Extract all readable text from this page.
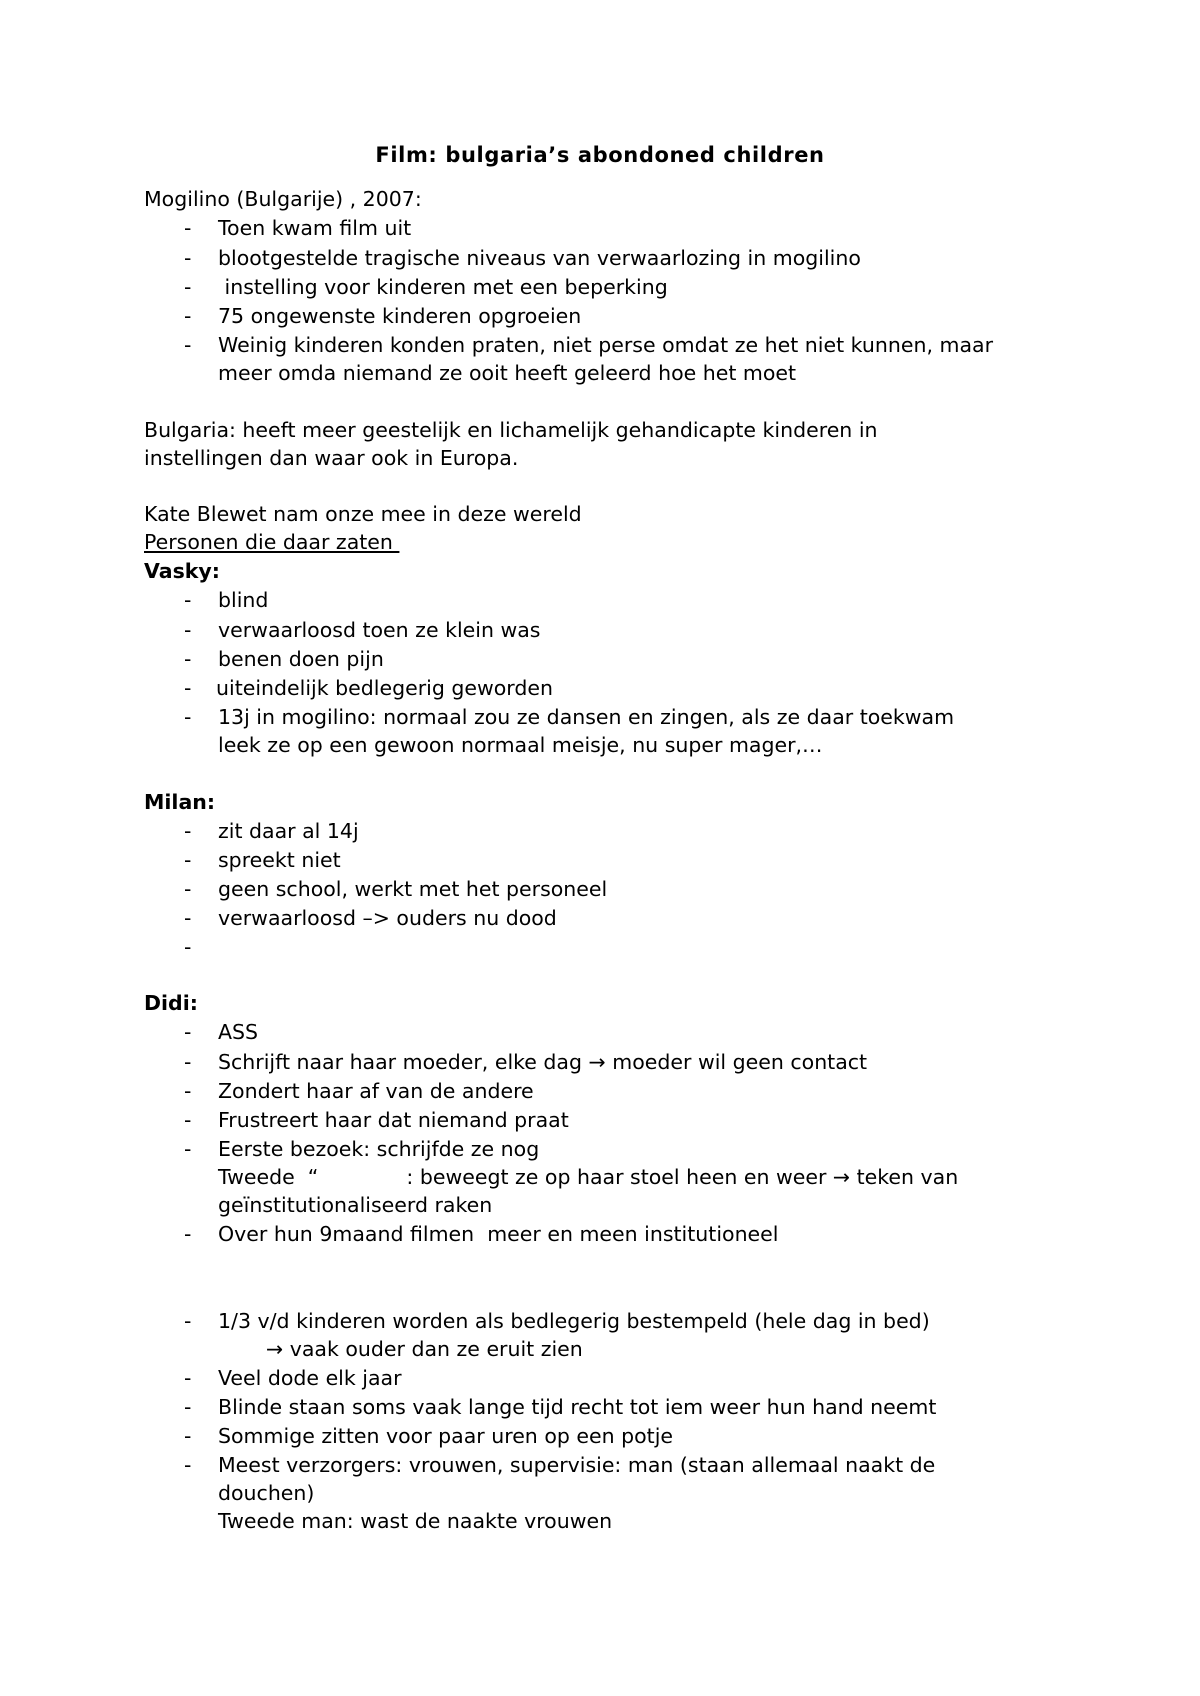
Film: bulgaria’s abondoned children
Mogilino (Bulgarije) , 2007:
- Toen kwam film uit
- blootgestelde tragische niveaus van verwaarlozing in mogilino
- instelling voor kinderen met een beperking
- 75 ongewenste kinderen opgroeien
- Weinig kinderen konden praten, niet perse omdat ze het niet kunnen, maar
meer omda niemand ze ooit heeft geleerd hoe het moet
Bulgaria: heeft meer geestelijk en lichamelijk gehandicapte kinderen in
instellingen dan waar ook in Europa.
Kate Blewet nam onze mee in deze wereld
Personen die daar zaten
Vasky:
- blind
- verwaarloosd toen ze klein was
- benen doen pijn
- uiteindelijk bedlegerig geworden
- 13j in mogilino: normaal zou ze dansen en zingen, als ze daar toekwam
leek ze op een gewoon normaal meisje, nu super mager,…
Milan:
- zit daar al 14j
- spreekt niet
- geen school, werkt met het personeel
- verwaarloosd –> ouders nu dood
-
Didi:
- ASS
- Schrijft naar haar moeder, elke dag → moeder wil geen contact
- Zondert haar af van de andere
- Frustreert haar dat niemand praat
- Eerste bezoek: schrijfde ze nog
Tweede  “	: beweegt ze op haar stoel heen en weer → teken van
geïnstitutionaliseerd raken
- Over hun 9maand filmen  meer en meen institutioneel
- 1/3 v/d kinderen worden als bedlegerig bestempeld (hele dag in bed)
→ vaak ouder dan ze eruit zien
- Veel dode elk jaar
- Blinde staan soms vaak lange tijd recht tot iem weer hun hand neemt
- Sommige zitten voor paar uren op een potje
- Meest verzorgers: vrouwen, supervisie: man (staan allemaal naakt de
douchen)
Tweede man: wast de naakte vrouwen
